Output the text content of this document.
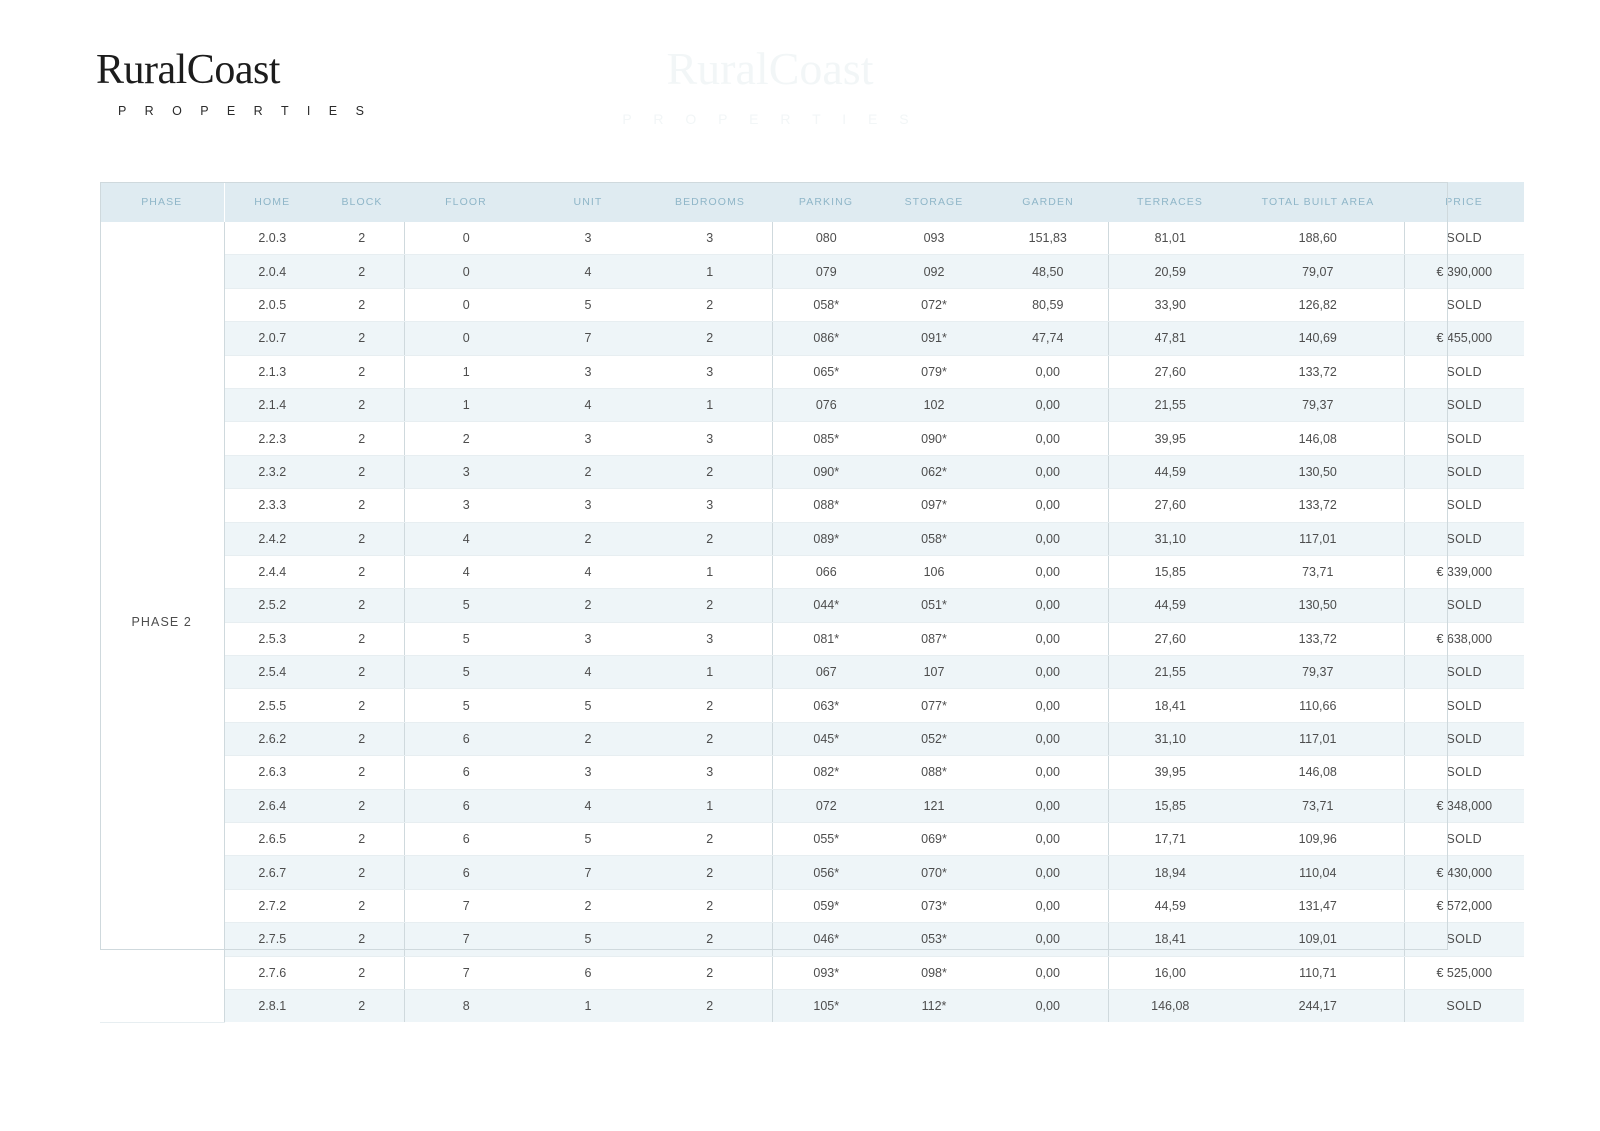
RuralCoast
P R O P E R T I E S
RuralCoast
P R O P E R T I E S
PHASE	HOME	BLOCK	FLOOR	UNIT	BEDROOMS	PARKING	STORAGE	GARDEN	TERRACES	TOTAL BUILT AREA	PRICE
PHASE 2	2.0.3	2	0	3	3	080	093	151,83	81,01	188,60	SOLD
	2.0.4	2	0	4	1	079	092	48,50	20,59	79,07	€ 390,000
	2.0.5	2	0	5	2	058*	072*	80,59	33,90	126,82	SOLD
	2.0.7	2	0	7	2	086*	091*	47,74	47,81	140,69	€ 455,000
	2.1.3	2	1	3	3	065*	079*	0,00	27,60	133,72	SOLD
	2.1.4	2	1	4	1	076	102	0,00	21,55	79,37	SOLD
	2.2.3	2	2	3	3	085*	090*	0,00	39,95	146,08	SOLD
	2.3.2	2	3	2	2	090*	062*	0,00	44,59	130,50	SOLD
	2.3.3	2	3	3	3	088*	097*	0,00	27,60	133,72	SOLD
	2.4.2	2	4	2	2	089*	058*	0,00	31,10	117,01	SOLD
	2.4.4	2	4	4	1	066	106	0,00	15,85	73,71	€ 339,000
	2.5.2	2	5	2	2	044*	051*	0,00	44,59	130,50	SOLD
	2.5.3	2	5	3	3	081*	087*	0,00	27,60	133,72	€ 638,000
	2.5.4	2	5	4	1	067	107	0,00	21,55	79,37	SOLD
	2.5.5	2	5	5	2	063*	077*	0,00	18,41	110,66	SOLD
	2.6.2	2	6	2	2	045*	052*	0,00	31,10	117,01	SOLD
	2.6.3	2	6	3	3	082*	088*	0,00	39,95	146,08	SOLD
	2.6.4	2	6	4	1	072	121	0,00	15,85	73,71	€ 348,000
	2.6.5	2	6	5	2	055*	069*	0,00	17,71	109,96	SOLD
	2.6.7	2	6	7	2	056*	070*	0,00	18,94	110,04	€ 430,000
	2.7.2	2	7	2	2	059*	073*	0,00	44,59	131,47	€ 572,000
	2.7.5	2	7	5	2	046*	053*	0,00	18,41	109,01	SOLD
	2.7.6	2	7	6	2	093*	098*	0,00	16,00	110,71	€ 525,000
	2.8.1	2	8	1	2	105*	112*	0,00	146,08	244,17	SOLD
